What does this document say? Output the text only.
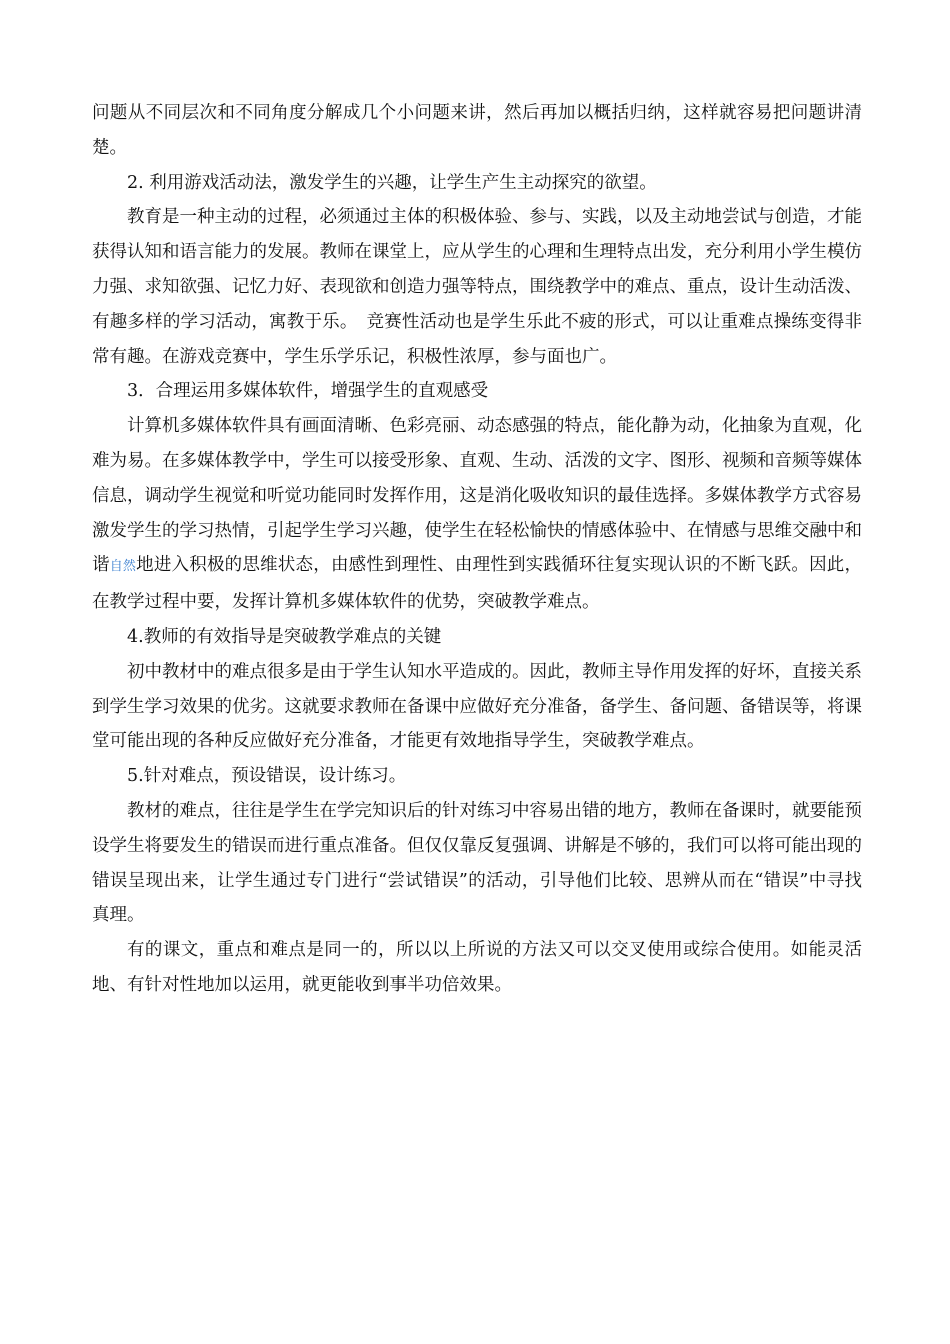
问题从不同层次和不同角度分解成几个小问题来讲，然后再加以概括归纳，这样就容易把问题讲清楚。

2. 利用游戏活动法，激发学生的兴趣，让学生产生主动探究的欲望。

教育是一种主动的过程，必须通过主体的积极体验、参与、实践，以及主动地尝试与创造，才能获得认知和语言能力的发展。教师在课堂上，应从学生的心理和生理特点出发，充分利用小学生模仿力强、求知欲强、记忆力好、表现欲和创造力强等特点，围绕教学中的难点、重点，设计生动活泼、有趣多样的学习活动，寓教于乐。　竞赛性活动也是学生乐此不疲的形式，可以让重难点操练变得非常有趣。在游戏竞赛中，学生乐学乐记，积极性浓厚，参与面也广。

3．合理运用多媒体软件，增强学生的直观感受

计算机多媒体软件具有画面清晰、色彩亮丽、动态感强的特点，能化静为动，化抽象为直观，化难为易。在多媒体教学中，学生可以接受形象、直观、生动、活泼的文字、图形、视频和音频等媒体信息，调动学生视觉和听觉功能同时发挥作用，这是消化吸收知识的最佳选择。多媒体教学方式容易激发学生的学习热情，引起学生学习兴趣，使学生在轻松愉快的情感体验中、在情感与思维交融中和谐自然地进入积极的思维状态，由感性到理性、由理性到实践循环往复实现认识的不断飞跃。因此，在教学过程中要，发挥计算机多媒体软件的优势，突破教学难点。

4.教师的有效指导是突破教学难点的关键

初中教材中的难点很多是由于学生认知水平造成的。因此，教师主导作用发挥的好坏，直接关系到学生学习效果的优劣。这就要求教师在备课中应做好充分准备，备学生、备问题、备错误等，将课堂可能出现的各种反应做好充分准备，才能更有效地指导学生，突破教学难点。

5.针对难点，预设错误，设计练习。

教材的难点，往往是学生在学完知识后的针对练习中容易出错的地方，教师在备课时，就要能预设学生将要发生的错误而进行重点准备。但仅仅靠反复强调、讲解是不够的，我们可以将可能出现的错误呈现出来，让学生通过专门进行“尝试错误”的活动，引导他们比较、思辨从而在“错误”中寻找真理。

有的课文，重点和难点是同一的，所以以上所说的方法又可以交叉使用或综合使用。如能灵活地、有针对性地加以运用，就更能收到事半功倍效果。
